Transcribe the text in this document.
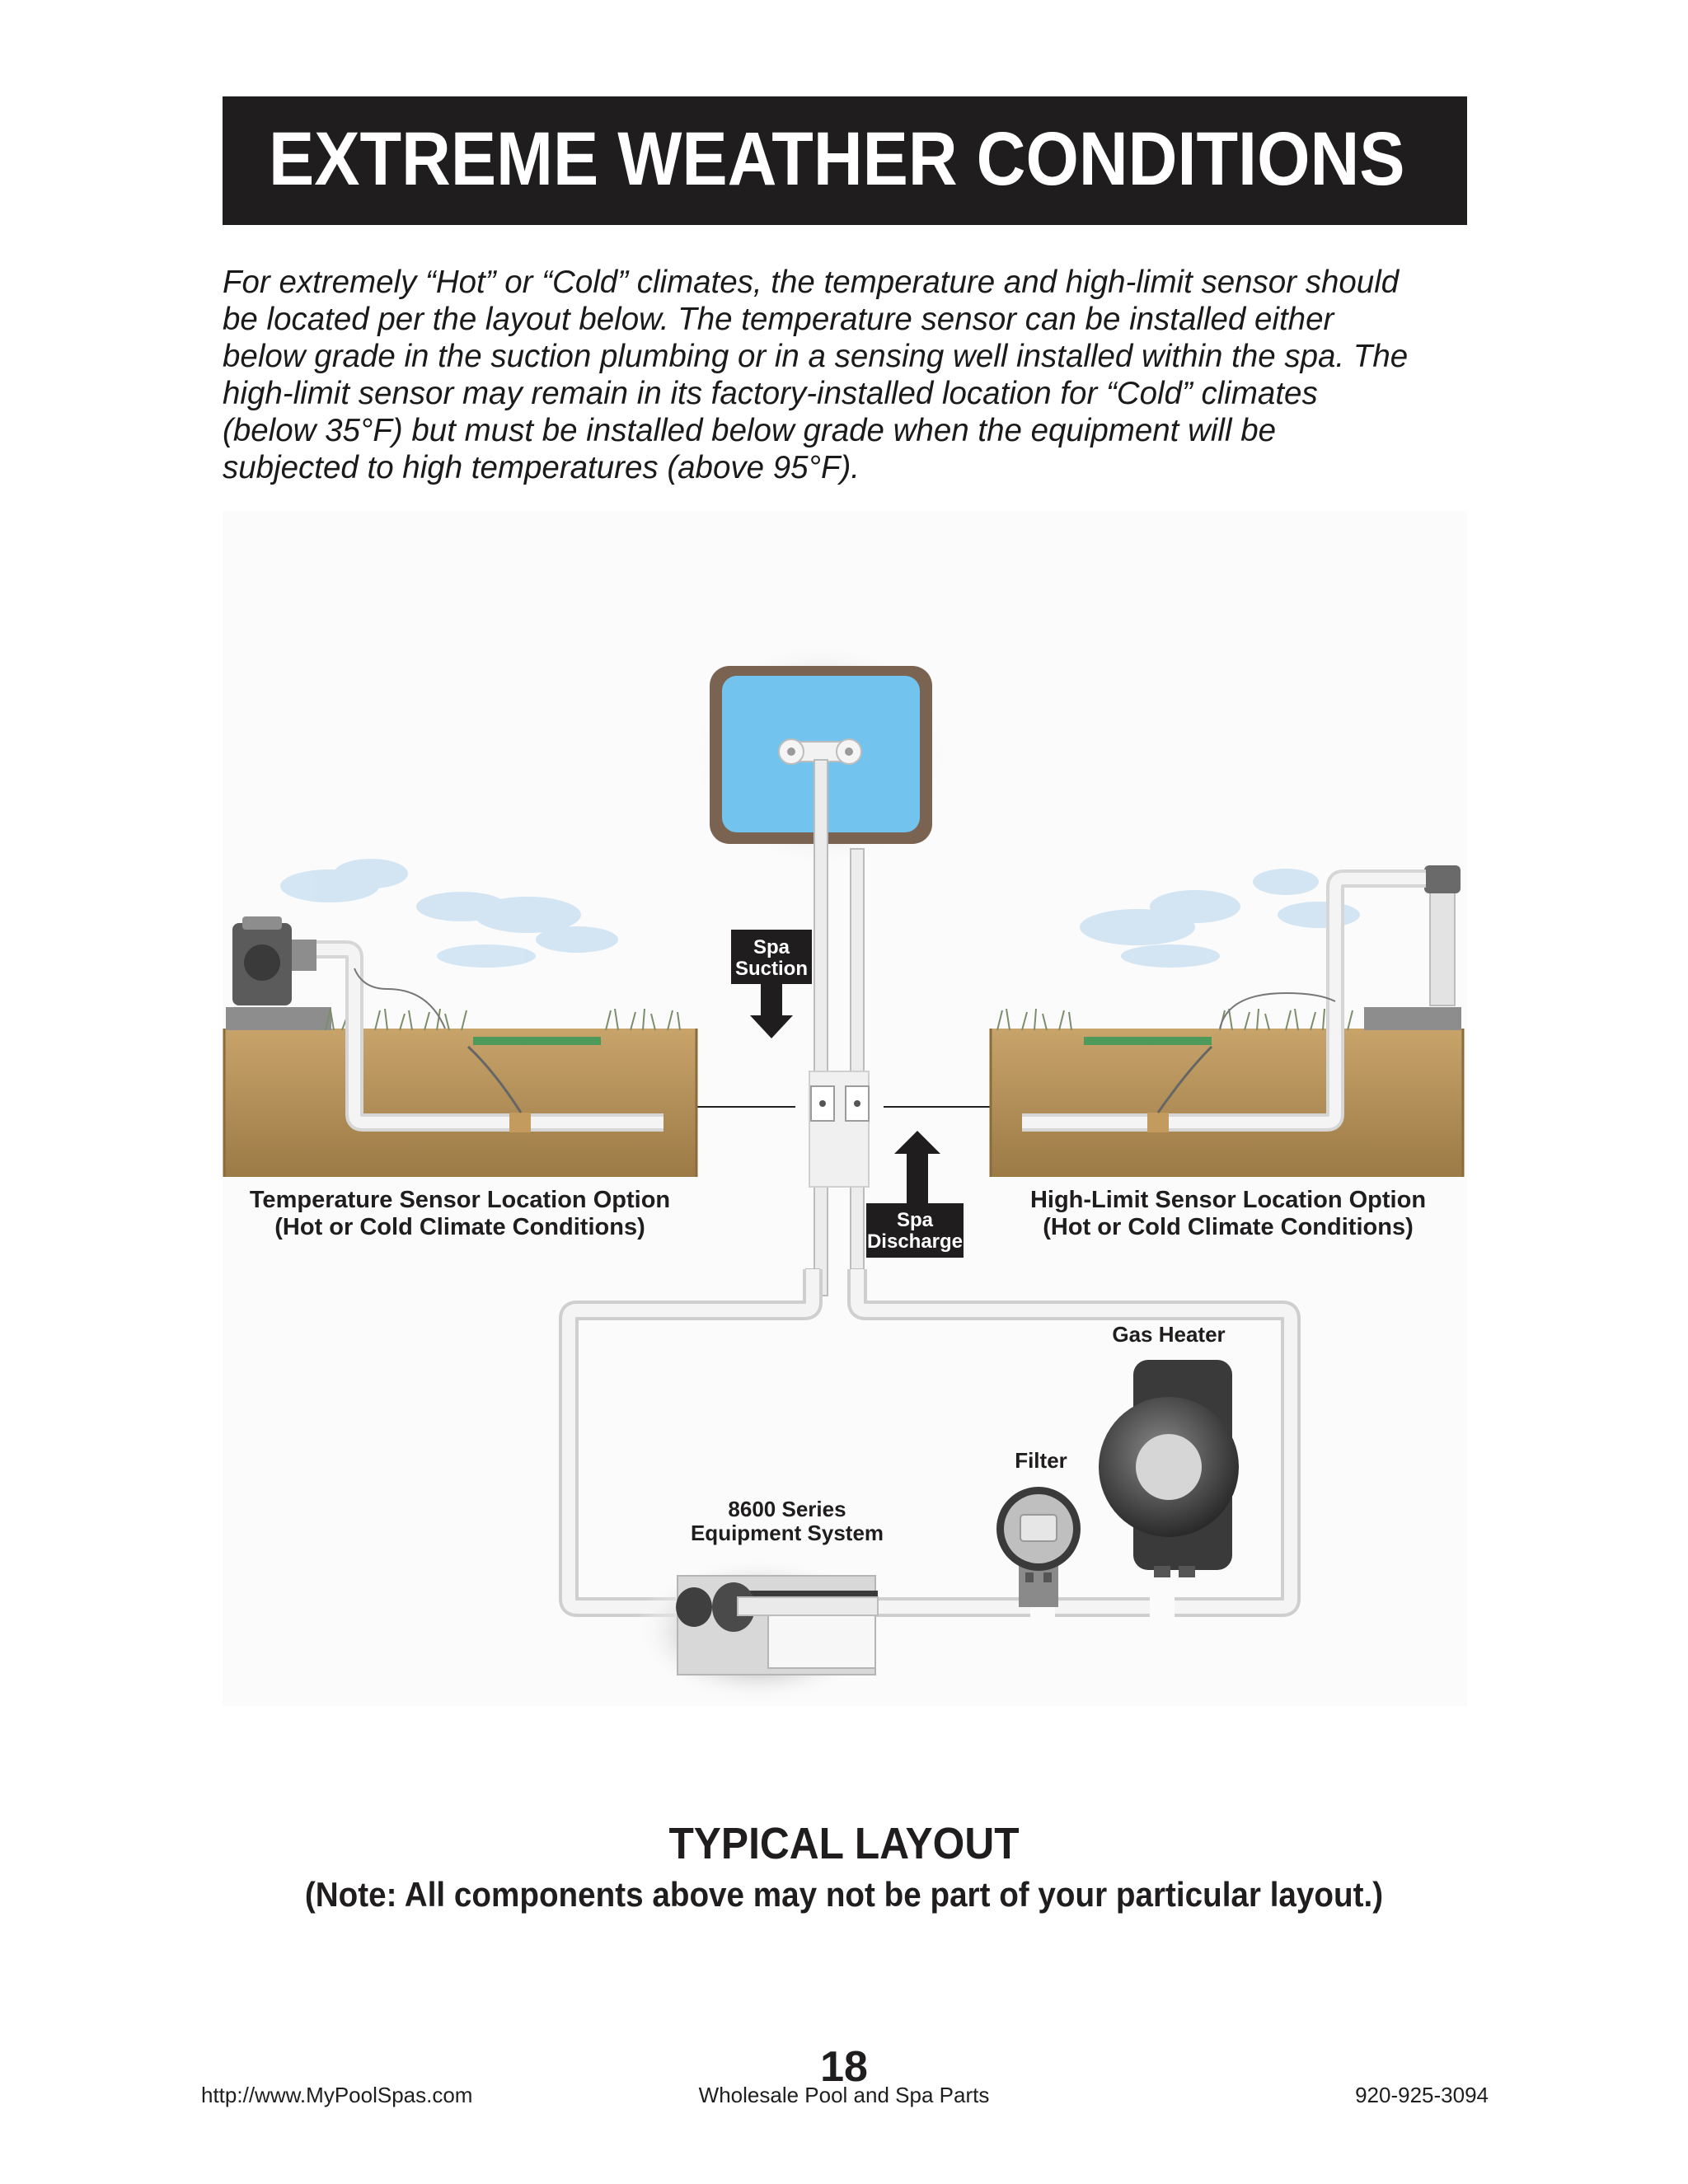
EXTREME WEATHER CONDITIONS

For extremely “Hot” or “Cold” climates, the temperature and high-limit sensor should

be located per the layout below. The temperature sensor can be installed either

below grade in the suction plumbing or in a sensing well installed within the spa. The

high-limit sensor may remain in its factory-installed location for “Cold” climates

(below 35°F) but must be installed below grade when the equipment will be

subjected to high temperatures (above 95°F).

Spa
Suction
Spa
Discharge
Temperature Sensor Location Option
(Hot or Cold Climate Conditions)
High-Limit Sensor Location Option
(Hot or Cold Climate Conditions)
8600 Series
Equipment System
Filter
Gas Heater
TYPICAL LAYOUT
(Note: All components above may not be part of your particular layout.)
18
http://www.MyPoolSpas.com	Wholesale Pool and Spa Parts	920-925-3094
